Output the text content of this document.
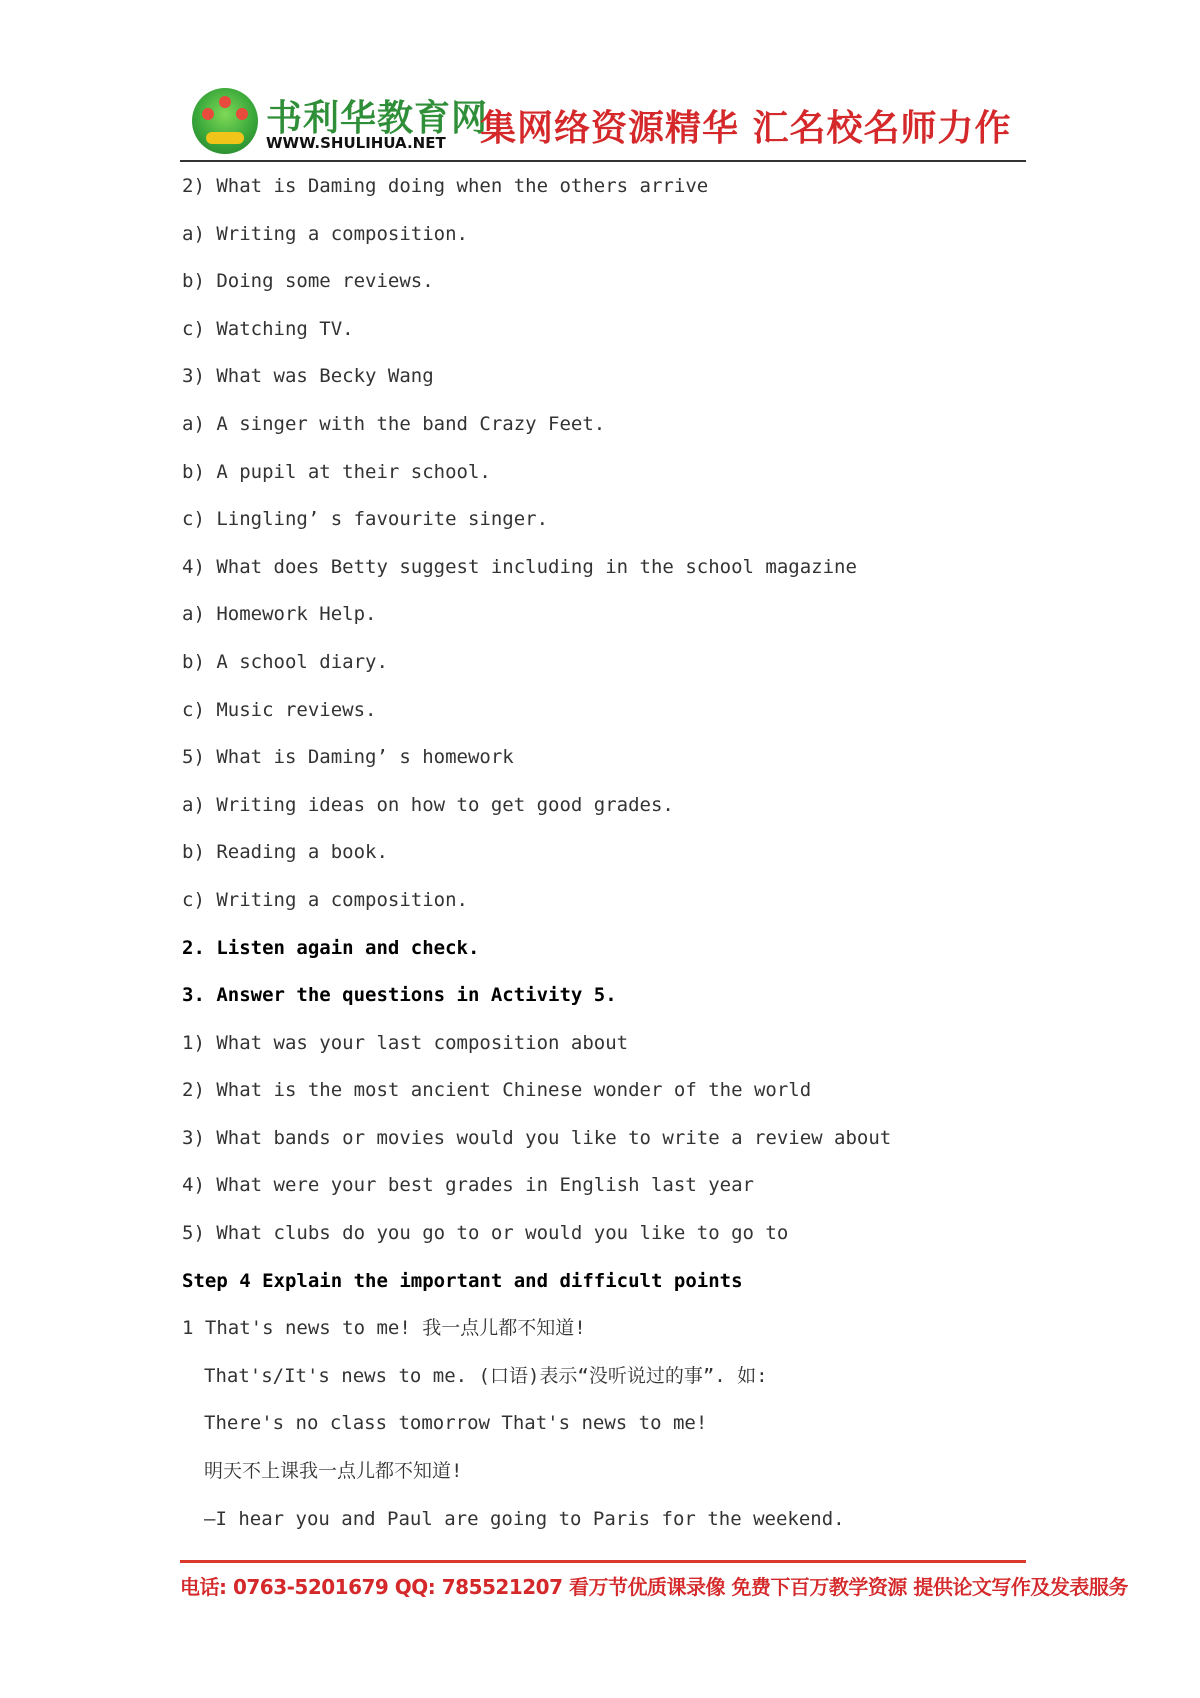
书利华教育网
WWW.SHULIHUA.NET 集网络资源精华 汇名校名师力作
2) What is Daming doing when the others arrive
a) Writing a composition.
b) Doing some reviews.
c) Watching TV.
3) What was Becky Wang
a) A singer with the band Crazy Feet.
b) A pupil at their school.
c) Lingling’ s favourite singer.
4) What does Betty suggest including in the school magazine
a) Homework Help.
b) A school diary.
c) Music reviews.
5) What is Daming’ s homework
a) Writing ideas on how to get good grades.
b) Reading a book.
c) Writing a composition.
2. Listen again and check.
3. Answer the questions in Activity 5.
1) What was your last composition about
2) What is the most ancient Chinese wonder of the world
3) What bands or movies would you like to write a review about
4) What were your best grades in English last year
5) What clubs do you go to or would you like to go to
Step 4 Explain the important and difficult points
1 That's news to me! 我一点儿都不知道!
That's/It's news to me. (口语)表示“没听说过的事”. 如:
There's no class tomorrow That's news to me!
明天不上课我一点儿都不知道!
—I hear you and Paul are going to Paris for the weekend.
电话: 0763-5201679 QQ: 785521207 看万节优质课录像 免费下百万教学资源 提供论文写作及发表服务
